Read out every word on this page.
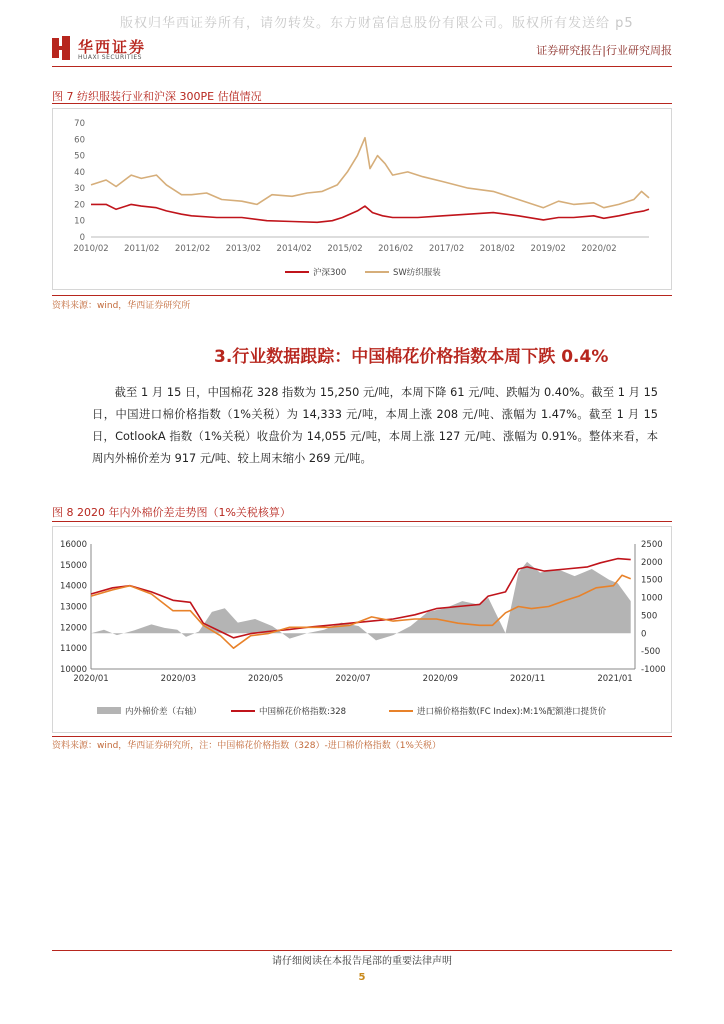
版权归华西证券所有，请勿转发。东方财富信息股份有限公司。版权所有发送给 p5
华西证券
HUAXI SECURITIES
证券研究报告|行业研究周报
图 7 纺织服装行业和沪深 300PE 估值情况
0
10
20
30
40
50
60
70
2010/02 2011/02 2012/02 2013/02 2014/02 2015/02 2016/02 2017/02 2018/02 2019/02 2020/02
沪深300	SW纺织服装
资料来源：wind，华西证券研究所
3.行业数据跟踪：中国棉花价格指数本周下跌 0.4%
截至 1 月 15 日，中国棉花 328 指数为 15,250 元/吨，本周下降 61 元/吨、跌幅为 0.40%。截至 1 月 15 日，中国进口棉价格指数（1%关税）为 14,333 元/吨，本周上涨 208 元/吨、涨幅为 1.47%。截至 1 月 15 日，CotlookA 指数（1%关税）收盘价为 14,055 元/吨，本周上涨 127 元/吨、涨幅为 0.91%。整体来看，本周内外棉价差为 917 元/吨、较上周末缩小 269 元/吨。
图 8 2020 年内外棉价差走势图（1%关税核算）
10000
11000
12000
13000
14000
15000
16000
-1000
-500
0
500
1000
1500
2000
2500
2020/01	2020/03	2020/05	2020/07	2020/09	2020/11	2021/01
内外棉价差（右轴）	中国棉花价格指数:328	进口棉价格指数(FC Index):M:1%配额港口提货价
资料来源：wind，华西证券研究所，注：中国棉花价格指数（328）-进口棉价格指数（1%关税）
请仔细阅读在本报告尾部的重要法律声明
5
